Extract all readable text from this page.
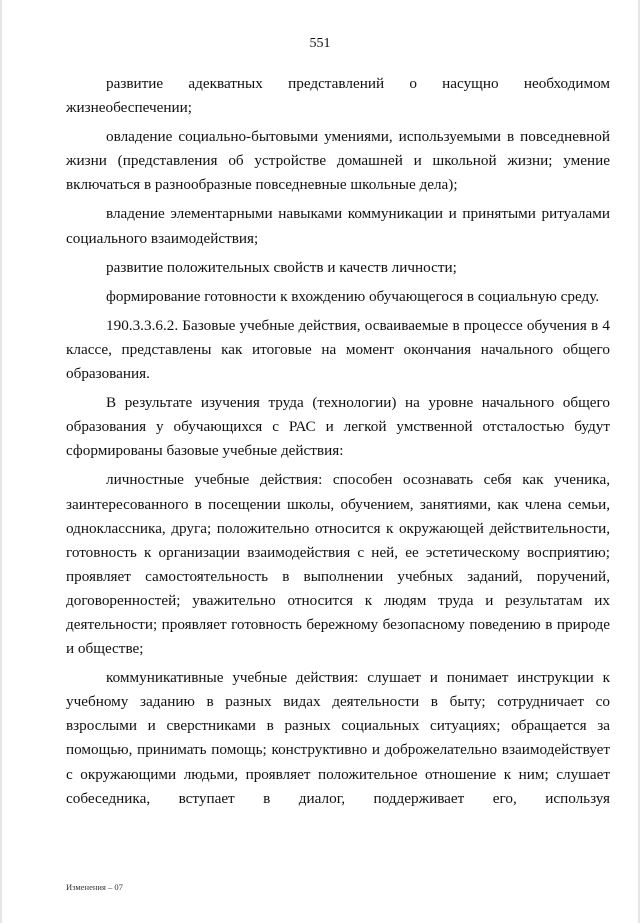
551

развитие адекватных представлений о насущно необходимом жизнеобеспечении;

овладение социально-бытовыми умениями, используемыми в повседневной жизни (представления об устройстве домашней и школьной жизни; умение включаться в разнообразные повседневные школьные дела);

владение элементарными навыками коммуникации и принятыми ритуалами социального взаимодействия;

развитие положительных свойств и качеств личности;

формирование готовности к вхождению обучающегося в социальную среду.

190.3.3.6.2. Базовые учебные действия, осваиваемые в процессе обучения в 4 классе, представлены как итоговые на момент окончания начального общего образования.

В результате изучения труда (технологии) на уровне начального общего образования у обучающихся с РАС и легкой умственной отсталостью будут сформированы базовые учебные действия:

личностные учебные действия: способен осознавать себя как ученика, заинтересованного в посещении школы, обучением, занятиями, как члена семьи, одноклассника, друга; положительно относится к окружающей действительности, готовность к организации взаимодействия с ней, ее эстетическому восприятию; проявляет самостоятельность в выполнении учебных заданий, поручений, договоренностей; уважительно относится к людям труда и результатам их деятельности; проявляет готовность бережному безопасному поведению в природе и обществе;

коммуникативные учебные действия: слушает и понимает инструкции к учебному заданию в разных видах деятельности в быту; сотрудничает со взрослыми и сверстниками в разных социальных ситуациях; обращается за помощью, принимать помощь; конструктивно и доброжелательно взаимодействует с окружающими людьми, проявляет положительное отношение к ним; слушает собеседника, вступает в диалог, поддерживает его, используя

Изменения – 07
